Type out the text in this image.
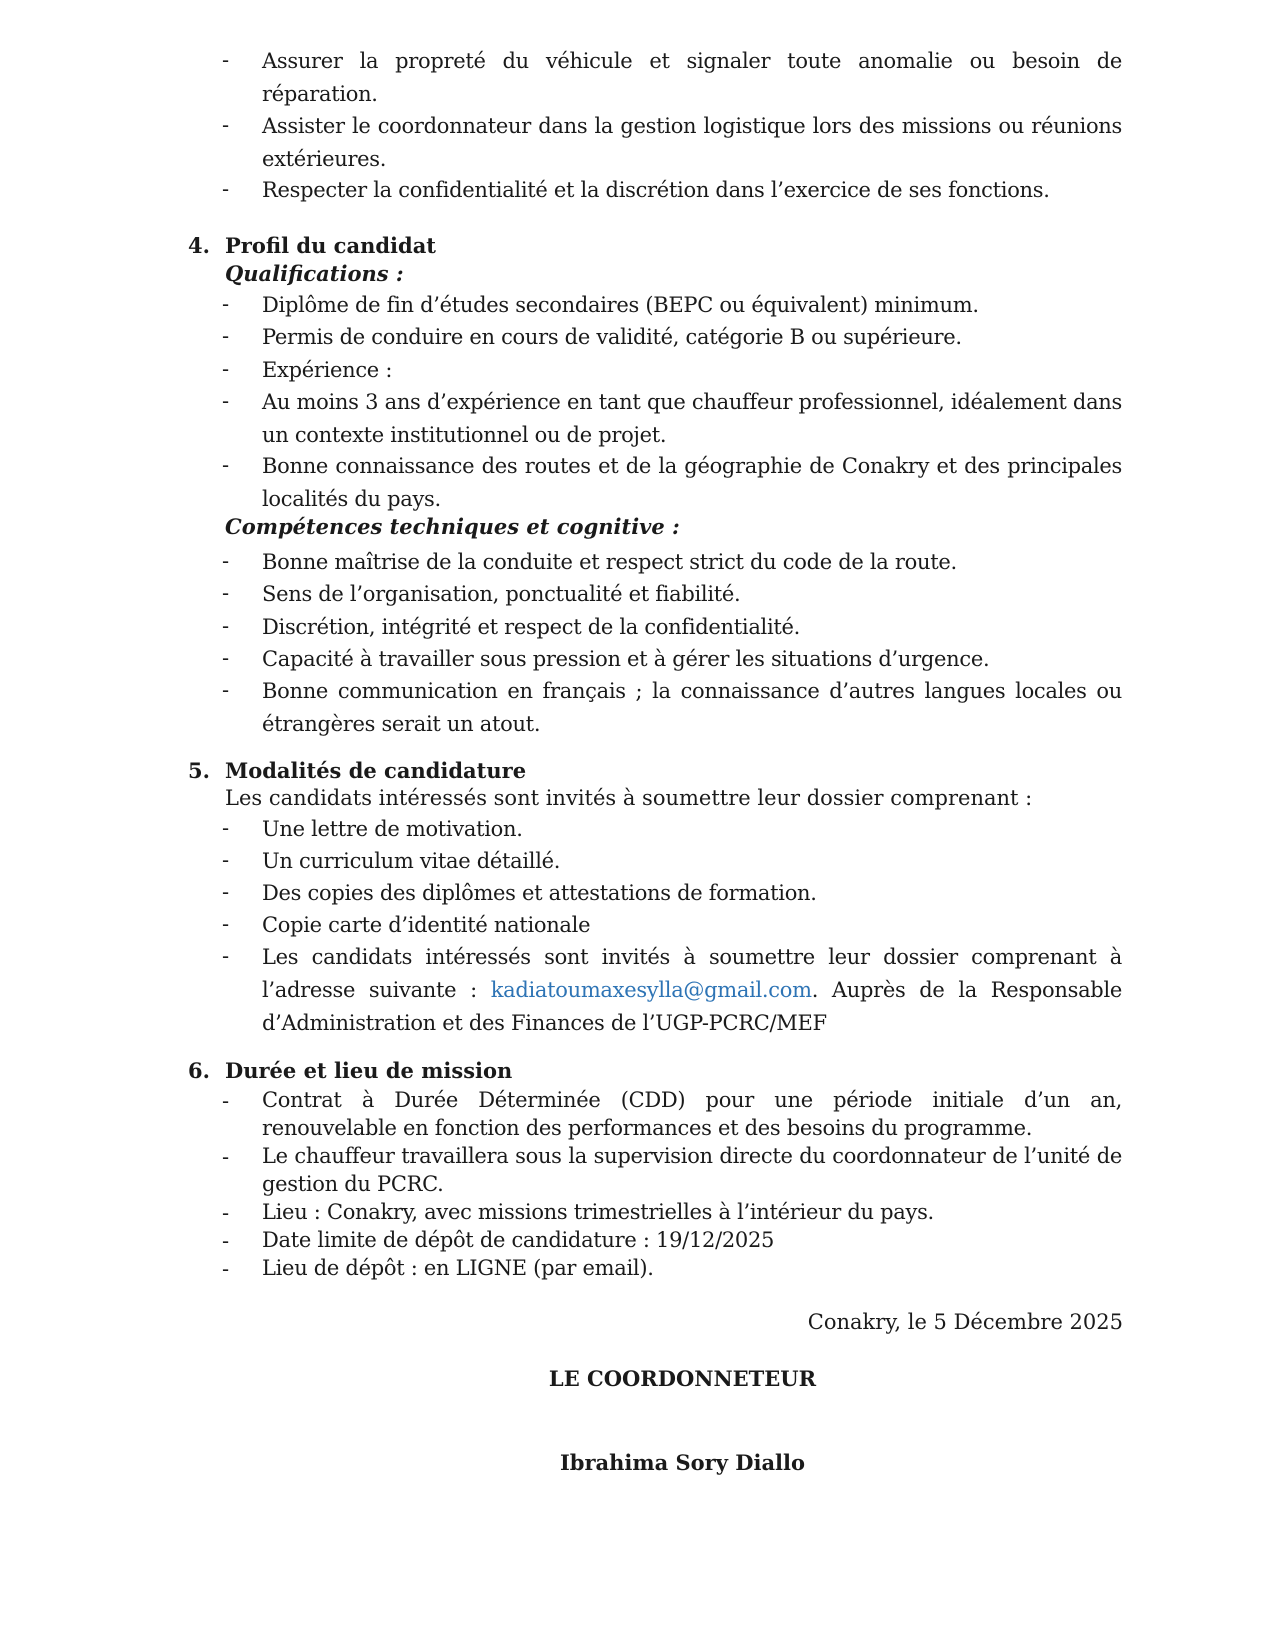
- Assurer la propreté du véhicule et signaler toute anomalie ou besoin de réparation.
- Assister le coordonnateur dans la gestion logistique lors des missions ou réunions extérieures.
- Respecter la confidentialité et la discrétion dans l’exercice de ses fonctions.
4. Profil du candidat
Qualifications :
- Diplôme de fin d’études secondaires (BEPC ou équivalent) minimum.
- Permis de conduire en cours de validité, catégorie B ou supérieure.
- Expérience :
- Au moins 3 ans d’expérience en tant que chauffeur professionnel, idéalement dans un contexte institutionnel ou de projet.
- Bonne connaissance des routes et de la géographie de Conakry et des principales localités du pays.
Compétences techniques et cognitive :
- Bonne maîtrise de la conduite et respect strict du code de la route.
- Sens de l’organisation, ponctualité et fiabilité.
- Discrétion, intégrité et respect de la confidentialité.
- Capacité à travailler sous pression et à gérer les situations d’urgence.
- Bonne communication en français ; la connaissance d’autres langues locales ou étrangères serait un atout.
5. Modalités de candidature
Les candidats intéressés sont invités à soumettre leur dossier comprenant :
- Une lettre de motivation.
- Un curriculum vitae détaillé.
- Des copies des diplômes et attestations de formation.
- Copie carte d’identité nationale
- Les candidats intéressés sont invités à soumettre leur dossier comprenant à l’adresse suivante : kadiatoumaxesylla@gmail.com. Auprès de la Responsable d’Administration et des Finances de l’UGP-PCRC/MEF
6. Durée et lieu de mission
- Contrat à Durée Déterminée (CDD) pour une période initiale d’un an, renouvelable en fonction des performances et des besoins du programme.
- Le chauffeur travaillera sous la supervision directe du coordonnateur de l’unité de gestion du PCRC.
- Lieu : Conakry, avec missions trimestrielles à l’intérieur du pays.
- Date limite de dépôt de candidature : 19/12/2025
- Lieu de dépôt : en LIGNE (par email).
Conakry, le 5 Décembre 2025
LE COORDONNETEUR
Ibrahima Sory Diallo
